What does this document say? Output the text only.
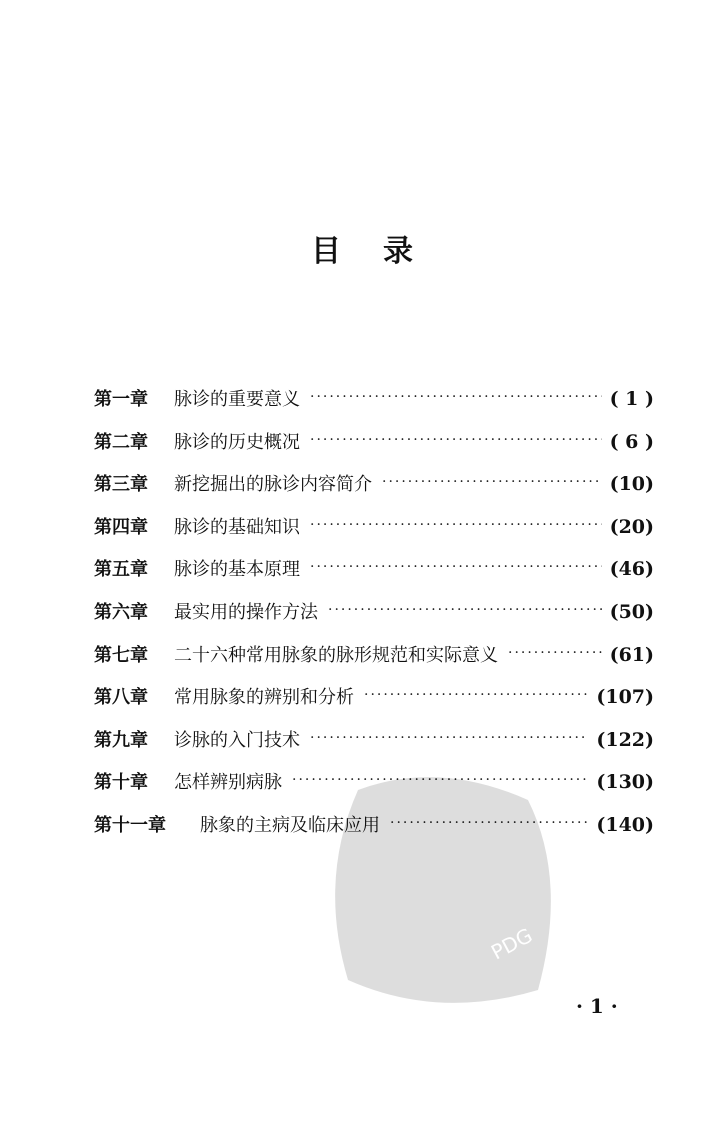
目 录
第一章	脉诊的重要意义 ·····	( 1 )
第二章	脉诊的历史概况 ·····	( 6 )
第三章	新挖掘出的脉诊内容简介 ·····	(10)
第四章	脉诊的基础知识 ·····	(20)
第五章	脉诊的基本原理 ·····	(46)
第六章	最实用的操作方法 ·····	(50)
第七章	二十六种常用脉象的脉形规范和实际意义 ·····	(61)
第八章	常用脉象的辨别和分析 ·····	(107)
第九章	诊脉的入门技术 ·····	(122)
第十章	怎样辨别病脉 ·····	(130)
第十一章	脉象的主病及临床应用 ·····	(140)
PDG
· 1 ·
